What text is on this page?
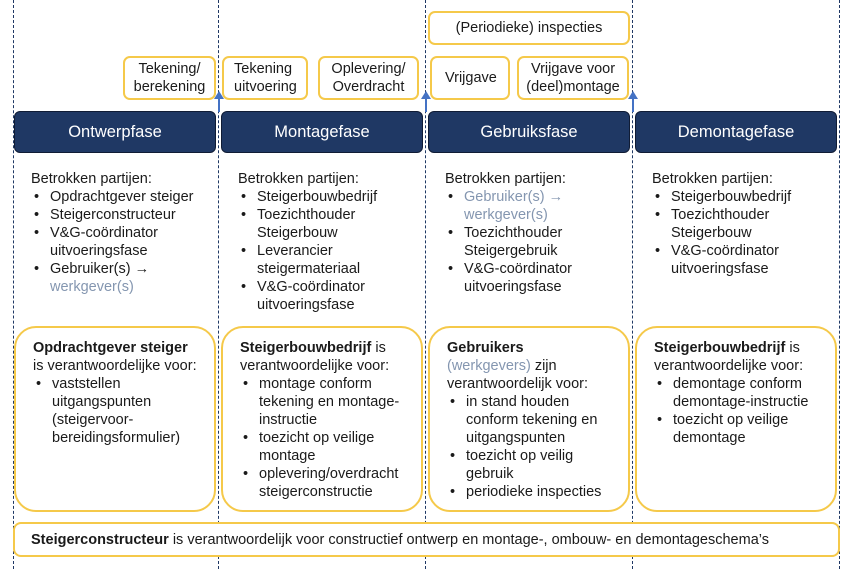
(Periodieke) inspecties
Tekening/
berekening
Tekening
uitvoering
Oplevering/
Overdracht
Vrijgave
Vrijgave voor
(deel)montage
Ontwerpfase	Montagefase	Gebruiksfase	Demontagefase
Betrokken partijen:
• Opdrachtgever steiger
• Steigerconstructeur
• V&G-coördinator uitvoeringsfase
• Gebruiker(s) →
werkgever(s)
Betrokken partijen:
• Steigerbouwbedrijf
• Toezichthouder Steigerbouw
• Leverancier steigermateriaal
• V&G-coördinator uitvoeringsfase
Betrokken partijen:
• Gebruiker(s) →
werkgever(s)
• Toezichthouder Steigergebruik
• V&G-coördinator uitvoeringsfase
Betrokken partijen:
• Steigerbouwbedrijf
• Toezichthouder Steigerbouw
• V&G-coördinator uitvoeringsfase
Opdrachtgever steiger
is verantwoordelijke voor:
• vaststellen uitgangspunten (steigervoor-bereidingsformulier)
Steigerbouwbedrijf is verantwoordelijke voor:
• montage conform tekening en montage-instructie
• toezicht op veilige montage
• oplevering/overdracht steigerconstructie
Gebruikers
(werkgevers) zijn
verantwoordelijk voor:
• in stand houden conform tekening en uitgangspunten
• toezicht op veilig gebruik
• periodieke inspecties
Steigerbouwbedrijf is verantwoordelijke voor:
• demontage conform demontage-instructie
• toezicht op veilige demontage
Steigerconstructeur is verantwoordelijk voor constructief ontwerp en montage-, ombouw- en demontageschema’s
